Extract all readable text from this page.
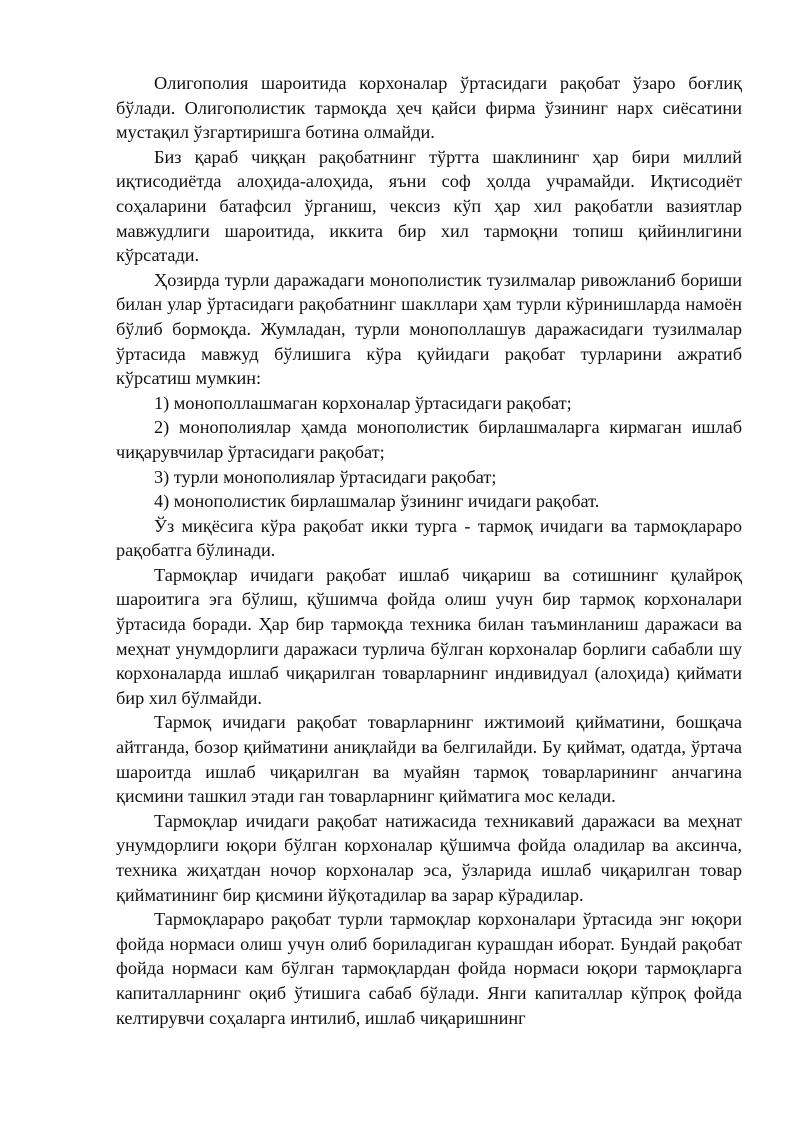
Олигополия шароитида корхоналар ўртасидаги рақобат ўзаро боғлиқ бўлади. Олигополистик тармоқда ҳеч қайси фирма ўзининг нарх сиёсатини мустақил ўзгартиришга ботина олмайди.

Биз қараб чиққан рақобатнинг тўртта шаклининг ҳар бири миллий иқтисодиётда алоҳида-алоҳида, яъни соф ҳолда учрамайди. Иқтисодиёт соҳаларини батафсил ўрганиш, чексиз кўп ҳар хил рақобатли вазиятлар мавжудлиги шароитида, иккита бир хил тармоқни топиш қийинлигини кўрсатади.

Ҳозирда турли даражадаги монополистик тузилмалар ривожланиб бориши билан улар ўртасидаги рақобатнинг шакллари ҳам турли кўринишларда намоён бўлиб бормоқда. Жумладан, турли монополлашув даражасидаги тузилмалар ўртасида мавжуд бўлишига кўра қуйидаги рақобат турларини ажратиб кўрсатиш мумкин:

1) монополлашмаган корхоналар ўртасидаги рақобат;

2) монополиялар ҳамда монополистик бирлашмаларга кирмаган ишлаб чиқарувчилар ўртасидаги рақобат;

3) турли монополиялар ўртасидаги рақобат;

4) монополистик бирлашмалар ўзининг ичидаги рақобат.

Ўз миқёсига кўра рақобат икки турга - тармоқ ичидаги ва тармоқлараро рақобатга бўлинади.

Тармоқлар ичидаги рақобат ишлаб чиқариш ва сотишнинг қулайроқ шароитига эга бўлиш, қўшимча фойда олиш учун бир тармоқ корхоналари ўртасида боради. Ҳар бир тармоқда техника билан таъминланиш даражаси ва меҳнат унумдорлиги даражаси турлича бўлган корхоналар борлиги сабабли шу корхоналарда ишлаб чиқарилган товарларнинг индивидуал (алоҳида) қиймати бир хил бўлмайди.

Тармоқ ичидаги рақобат товарларнинг ижтимоий қийматини, бошқача айтганда, бозор қийматини аниқлайди ва белгилайди. Бу қиймат, одатда, ўртача шароитда ишлаб чиқарилган ва муайян тармоқ товарларининг анчагина қисмини ташкил этади ган товарларнинг қийматига мос келади.

Тармоқлар ичидаги рақобат натижасида техникавий даражаси ва меҳнат унумдорлиги юқори бўлган корхоналар қўшимча фойда оладилар ва аксинча, техника жиҳатдан ночор корхоналар эса, ўзларида ишлаб чиқарилган товар қийматининг бир қисмини йўқотадилар ва зарар кўрадилар.

Тармоқлараро рақобат турли тармоқлар корхоналари ўртасида энг юқори фойда нормаси олиш учун олиб бориладиган курашдан иборат. Бундай рақобат фойда нормаси кам бўлган тармоқлардан фойда нормаси юқори тармоқларга капиталларнинг оқиб ўтишига сабаб бўлади. Янги капиталлар кўпроқ фойда келтирувчи соҳаларга интилиб, ишлаб чиқаришнинг
